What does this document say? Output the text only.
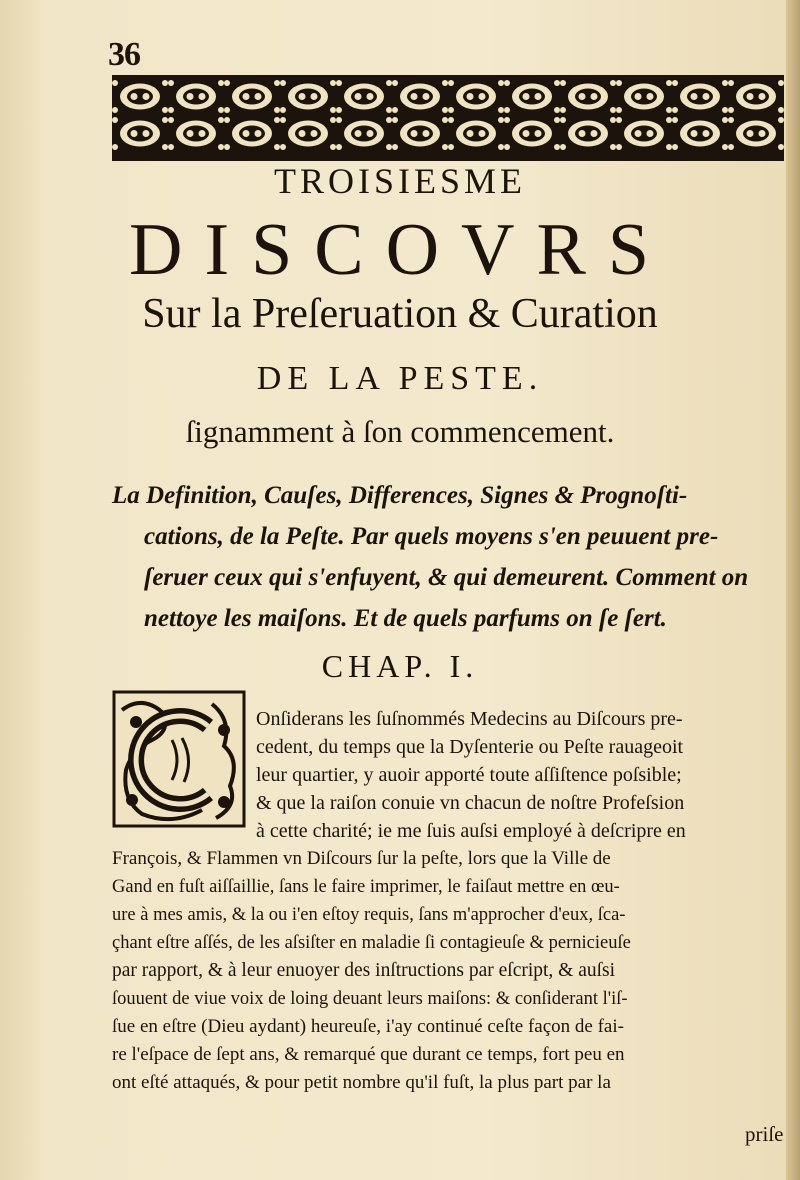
36
TROISIESME
DISCOVRS
Sur la Preſeruation & Curation
DE LA PESTE.
ſignamment à ſon commencement.
La Definition, Cauſes, Differences, Signes & Prognoſti-
cations, de la Peſte. Par quels moyens s'en peuuent pre-
ſeruer ceux qui s'enfuyent, & qui demeurent. Comment on
nettoye les maiſons. Et de quels parfums on ſe ſert.
CHAP. I.
Onſiderans les ſuſnommés Medecins au Diſcours pre-
cedent, du temps que la Dyſenterie ou Peſte rauageoit
leur quartier, y auoir apporté toute aſſiſtence poſsible;
& que la raiſon conuie vn chacun de noſtre Profeſsion
à cette charité; ie me ſuis auſsi employé à deſcripre en
François, & Flammen vn Diſcours ſur la peſte, lors que la Ville de
Gand en fuſt aiſſaillie, ſans le faire imprimer, le faiſaut mettre en œu-
ure à mes amis, & la ou i'en eſtoy requis, ſans m'approcher d'eux, ſca-
çhant eſtre aſſés, de les aſsiſter en maladie ſi contagieuſe & pernicieuſe
par rapport, & à leur enuoyer des inſtructions par eſcript, & auſsi
ſouuent de viue voix de loing deuant leurs maiſons: & conſiderant l'iſ-
ſue en eſtre (Dieu aydant) heureuſe, i'ay continué ceſte façon de fai-
re l'eſpace de ſept ans, & remarqué que durant ce temps, fort peu en
ont eſté attaqués, & pour petit nombre qu'il fuſt, la plus part par la
priſe
